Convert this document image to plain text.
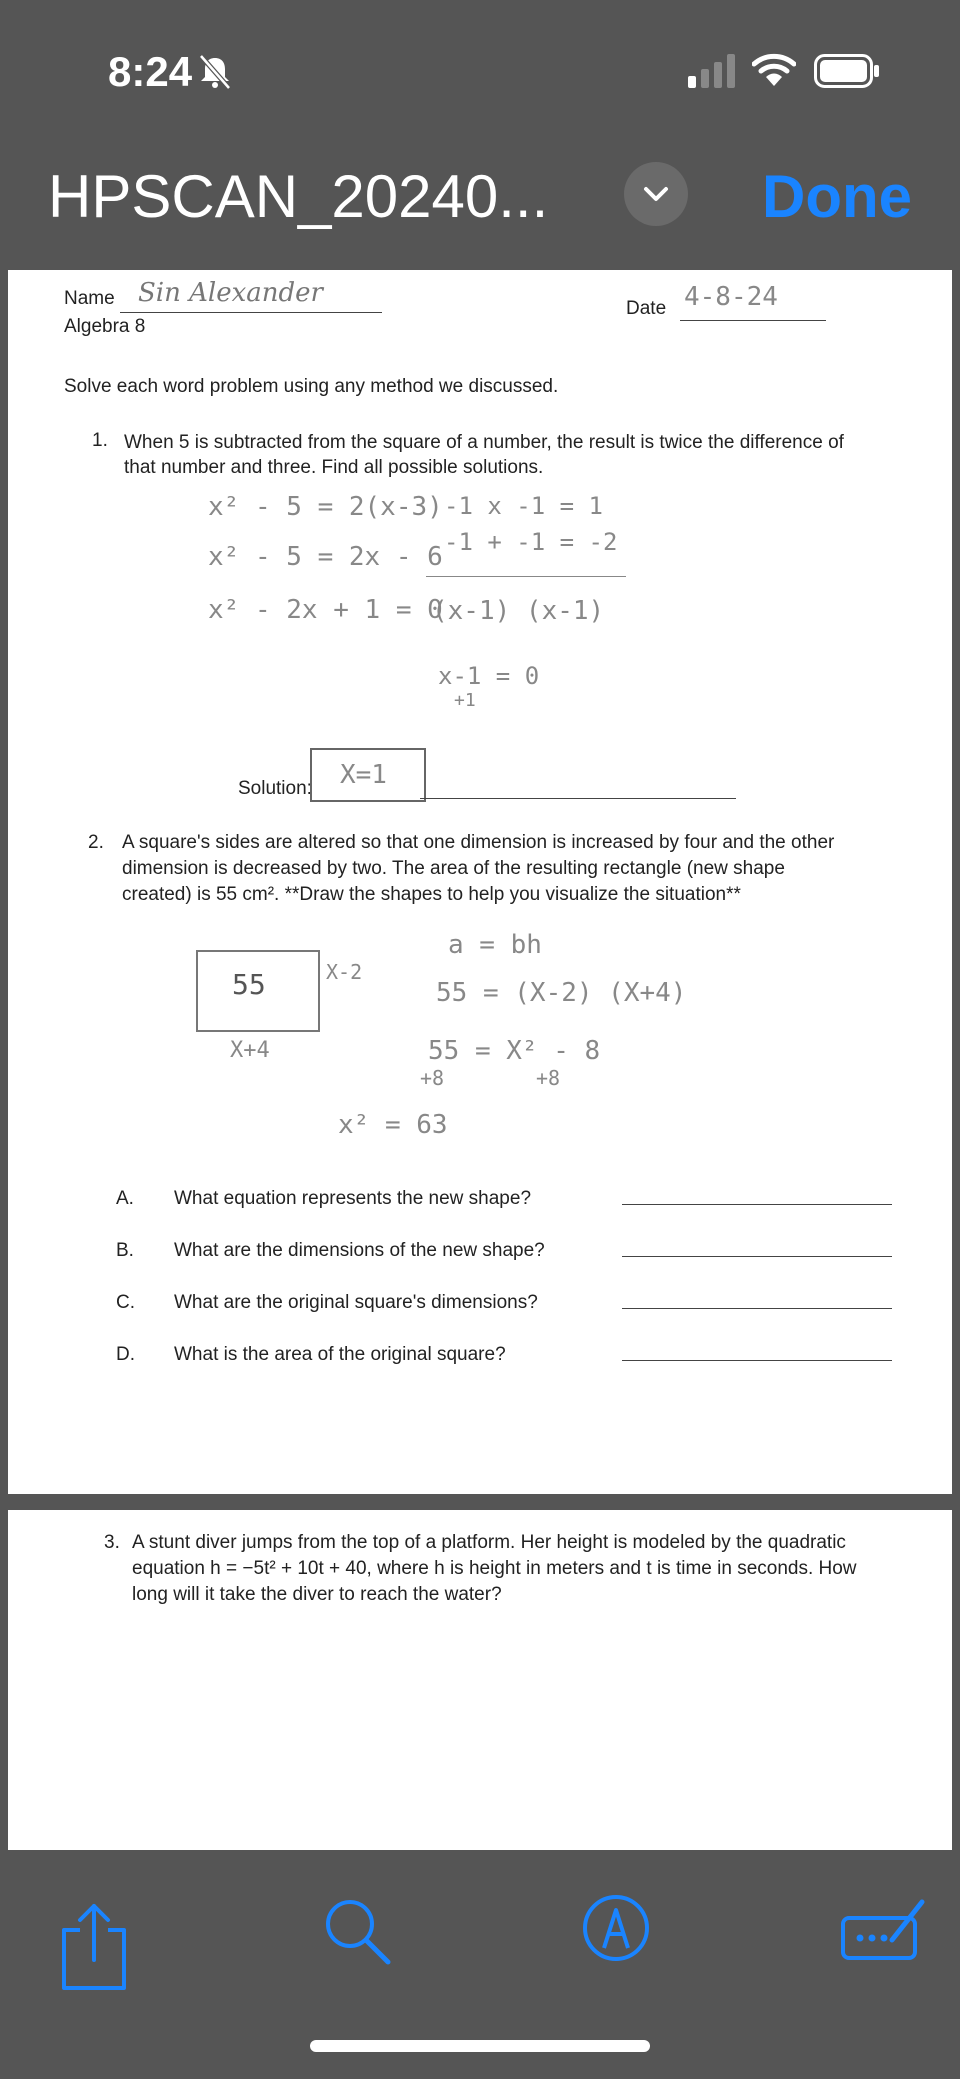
8:24
HPSCAN_20240...	Done
Name Sin Alexander
Algebra 8
Date 4-8-24
Solve each word problem using any method we discussed.
1. When 5 is subtracted from the square of a number, the result is twice the difference of
that number and three. Find all possible solutions.
x² - 5 = 2(x-3)
x² - 5 = 2x - 6
x² - 2x + 1 = 0
-1 x -1 = 1
-1 + -1 = -2
(x-1) (x-1)
x-1 = 0
+1
Solution: X=1
2. A square's sides are altered so that one dimension is increased by four and the other
dimension is decreased by two. The area of the resulting rectangle (new shape
created) is 55 cm². **Draw the shapes to help you visualize the situation**
55	X-2
X+4
a = bh
55 = (X-2) (X+4)
55 = X² - 8
+8	+8
x² = 63
A. What equation represents the new shape?
B. What are the dimensions of the new shape?
C. What are the original square's dimensions?
D. What is the area of the original square?
3. A stunt diver jumps from the top of a platform. Her height is modeled by the quadratic
equation h = −5t² + 10t + 40, where h is height in meters and t is time in seconds. How
long will it take the diver to reach the water?
